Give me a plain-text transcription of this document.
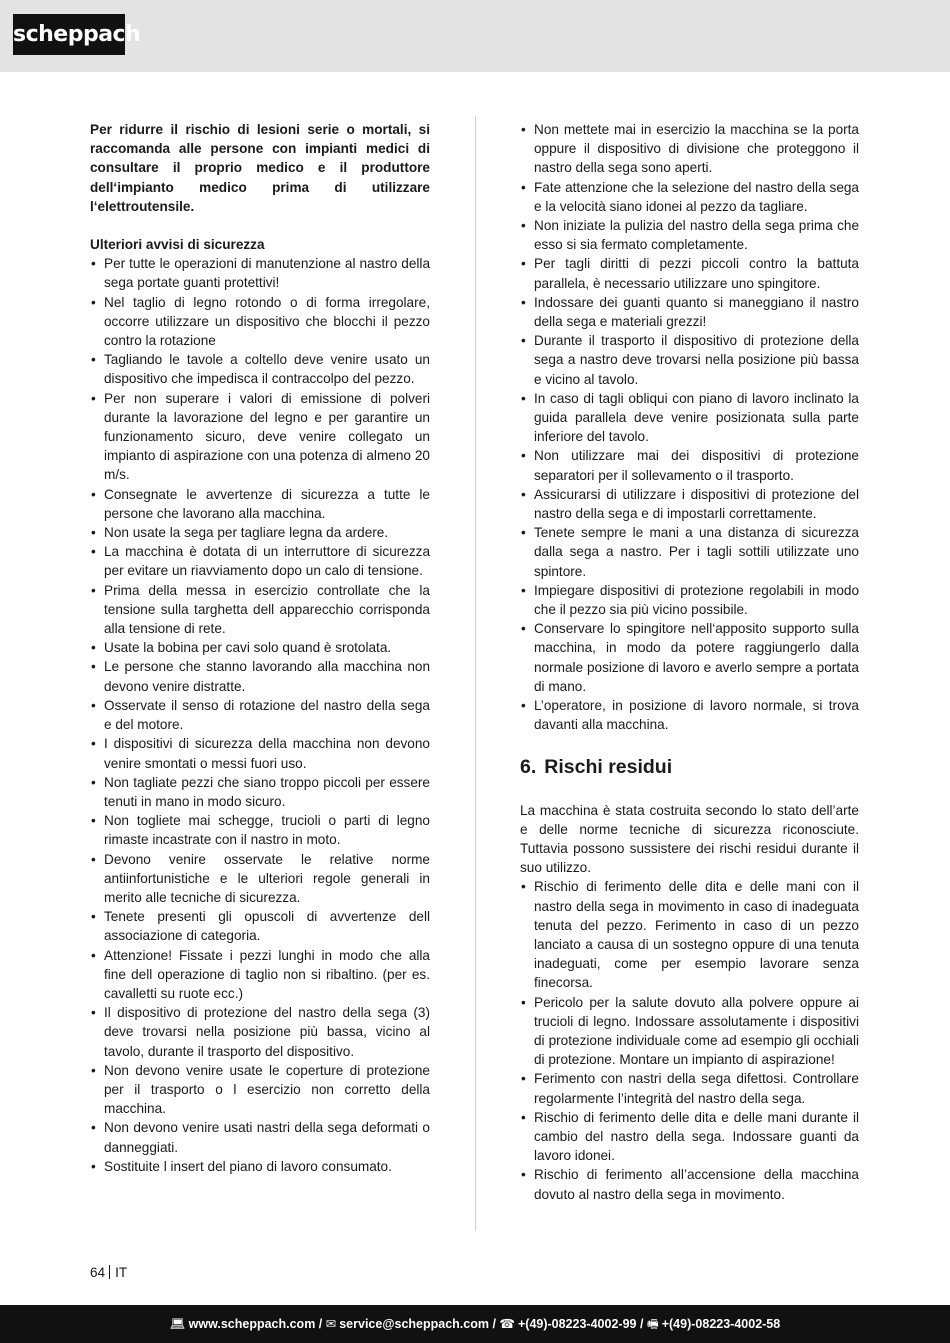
scheppach

Per ridurre il rischio di lesioni serie o mortali, si raccomanda alle persone con impianti medici di consultare il proprio medico e il produttore dell‘impianto medico prima di utilizzare l‘elettroutensile.

Ulteriori avvisi di sicurezza

• Per tutte le operazioni di manutenzione al nastro della sega portate guanti protettivi!
• Nel taglio di legno rotondo o di forma irregolare, occorre utilizzare un dispositivo che blocchi il pezzo contro la rotazione
• Tagliando le tavole a coltello deve venire usato un dispositivo che impedisca il contraccolpo del pezzo.
• Per non superare i valori di emissione di polveri durante la lavorazione del legno e per garantire un funzionamento sicuro, deve venire collegato un impianto di aspirazione con una potenza di almeno 20 m/s.
• Consegnate le avvertenze di sicurezza a tutte le persone che lavorano alla macchina.
• Non usate la sega per tagliare legna da ardere.
• La macchina è dotata di un interruttore di sicurezza per evitare un riavviamento dopo un calo di tensione.
• Prima della messa in esercizio controllate che la tensione sulla targhetta dell apparecchio corrisponda alla tensione di rete.
• Usate la bobina per cavi solo quand è srotolata.
• Le persone che stanno lavorando alla macchina non devono venire distratte.
• Osservate il senso di rotazione del nastro della sega e del motore.
• I dispositivi di sicurezza della macchina non devono venire smontati o messi fuori uso.
• Non tagliate pezzi che siano troppo piccoli per essere tenuti in mano in modo sicuro.
• Non togliete mai schegge, trucioli o parti di legno rimaste incastrate con il nastro in moto.
• Devono venire osservate le relative norme antiinfortunistiche e le ulteriori regole generali in merito alle tecniche di sicurezza.
• Tenete presenti gli opuscoli di avvertenze dell associazione di categoria.
• Attenzione! Fissate i pezzi lunghi in modo che alla fine dell operazione di taglio non si ribaltino. (per es. cavalletti su ruote ecc.)
• Il dispositivo di protezione del nastro della sega (3) deve trovarsi nella posizione più bassa, vicino al tavolo, durante il trasporto del dispositivo.
• Non devono venire usate le coperture di protezione per il trasporto o l esercizio non corretto della macchina.
• Non devono venire usati nastri della sega deformati o danneggiati.
• Sostituite l insert del piano di lavoro consumato.
• Non mettete mai in esercizio la macchina se la porta oppure il dispositivo di divisione che proteggono il nastro della sega sono aperti.
• Fate attenzione che la selezione del nastro della sega e la velocità siano idonei al pezzo da tagliare.
• Non iniziate la pulizia del nastro della sega prima che esso si sia fermato completamente.
• Per tagli diritti di pezzi piccoli contro la battuta parallela, è necessario utilizzare uno spingitore.
• Indossare dei guanti quanto si maneggiano il nastro della sega e materiali grezzi!
• Durante il trasporto il dispositivo di protezione della sega a nastro deve trovarsi nella posizione più bassa e vicino al tavolo.
• In caso di tagli obliqui con piano di lavoro inclinato la guida parallela deve venire posizionata sulla parte inferiore del tavolo.
• Non utilizzare mai dei dispositivi di protezione separatori per il sollevamento o il trasporto.
• Assicurarsi di utilizzare i dispositivi di protezione del nastro della sega e di impostarli correttamente.
• Tenete sempre le mani a una distanza di sicurezza dalla sega a nastro. Per i tagli sottili utilizzate uno spintore.
• Impiegare dispositivi di protezione regolabili in modo che il pezzo sia più vicino possibile.
• Conservare lo spingitore nell‘apposito supporto sulla macchina, in modo da potere raggiungerlo dalla normale posizione di lavoro e averlo sempre a portata di mano.
• L’operatore, in posizione di lavoro normale, si trova davanti alla macchina.
6. Rischi residui

La macchina è stata costruita secondo lo stato dell’arte e delle norme tecniche di sicurezza riconosciute. Tuttavia possono sussistere dei rischi residui durante il suo utilizzo.

• Rischio di ferimento delle dita e delle mani con il nastro della sega in movimento in caso di inadeguata tenuta del pezzo. Ferimento in caso di un pezzo lanciato a causa di un sostegno oppure di una tenuta inadeguati, come per esempio lavorare senza finecorsa.
• Pericolo per la salute dovuto alla polvere oppure ai trucioli di legno. Indossare assolutamente i dispositivi di protezione individuale come ad esempio gli occhiali di protezione. Montare un impianto di aspirazione!
• Ferimento con nastri della sega difettosi. Controllare regolarmente l’integrità del nastro della sega.
• Rischio di ferimento delle dita e delle mani durante il cambio del nastro della sega. Indossare guanti da lavoro idonei.
• Rischio di ferimento all’accensione della macchina dovuto al nastro della sega in movimento.
64 IT
💻︎ www.scheppach.com / ✉︎ service@scheppach.com / ☎︎ +(49)-08223-4002-99 / 🖷︎ +(49)-08223-4002-58
